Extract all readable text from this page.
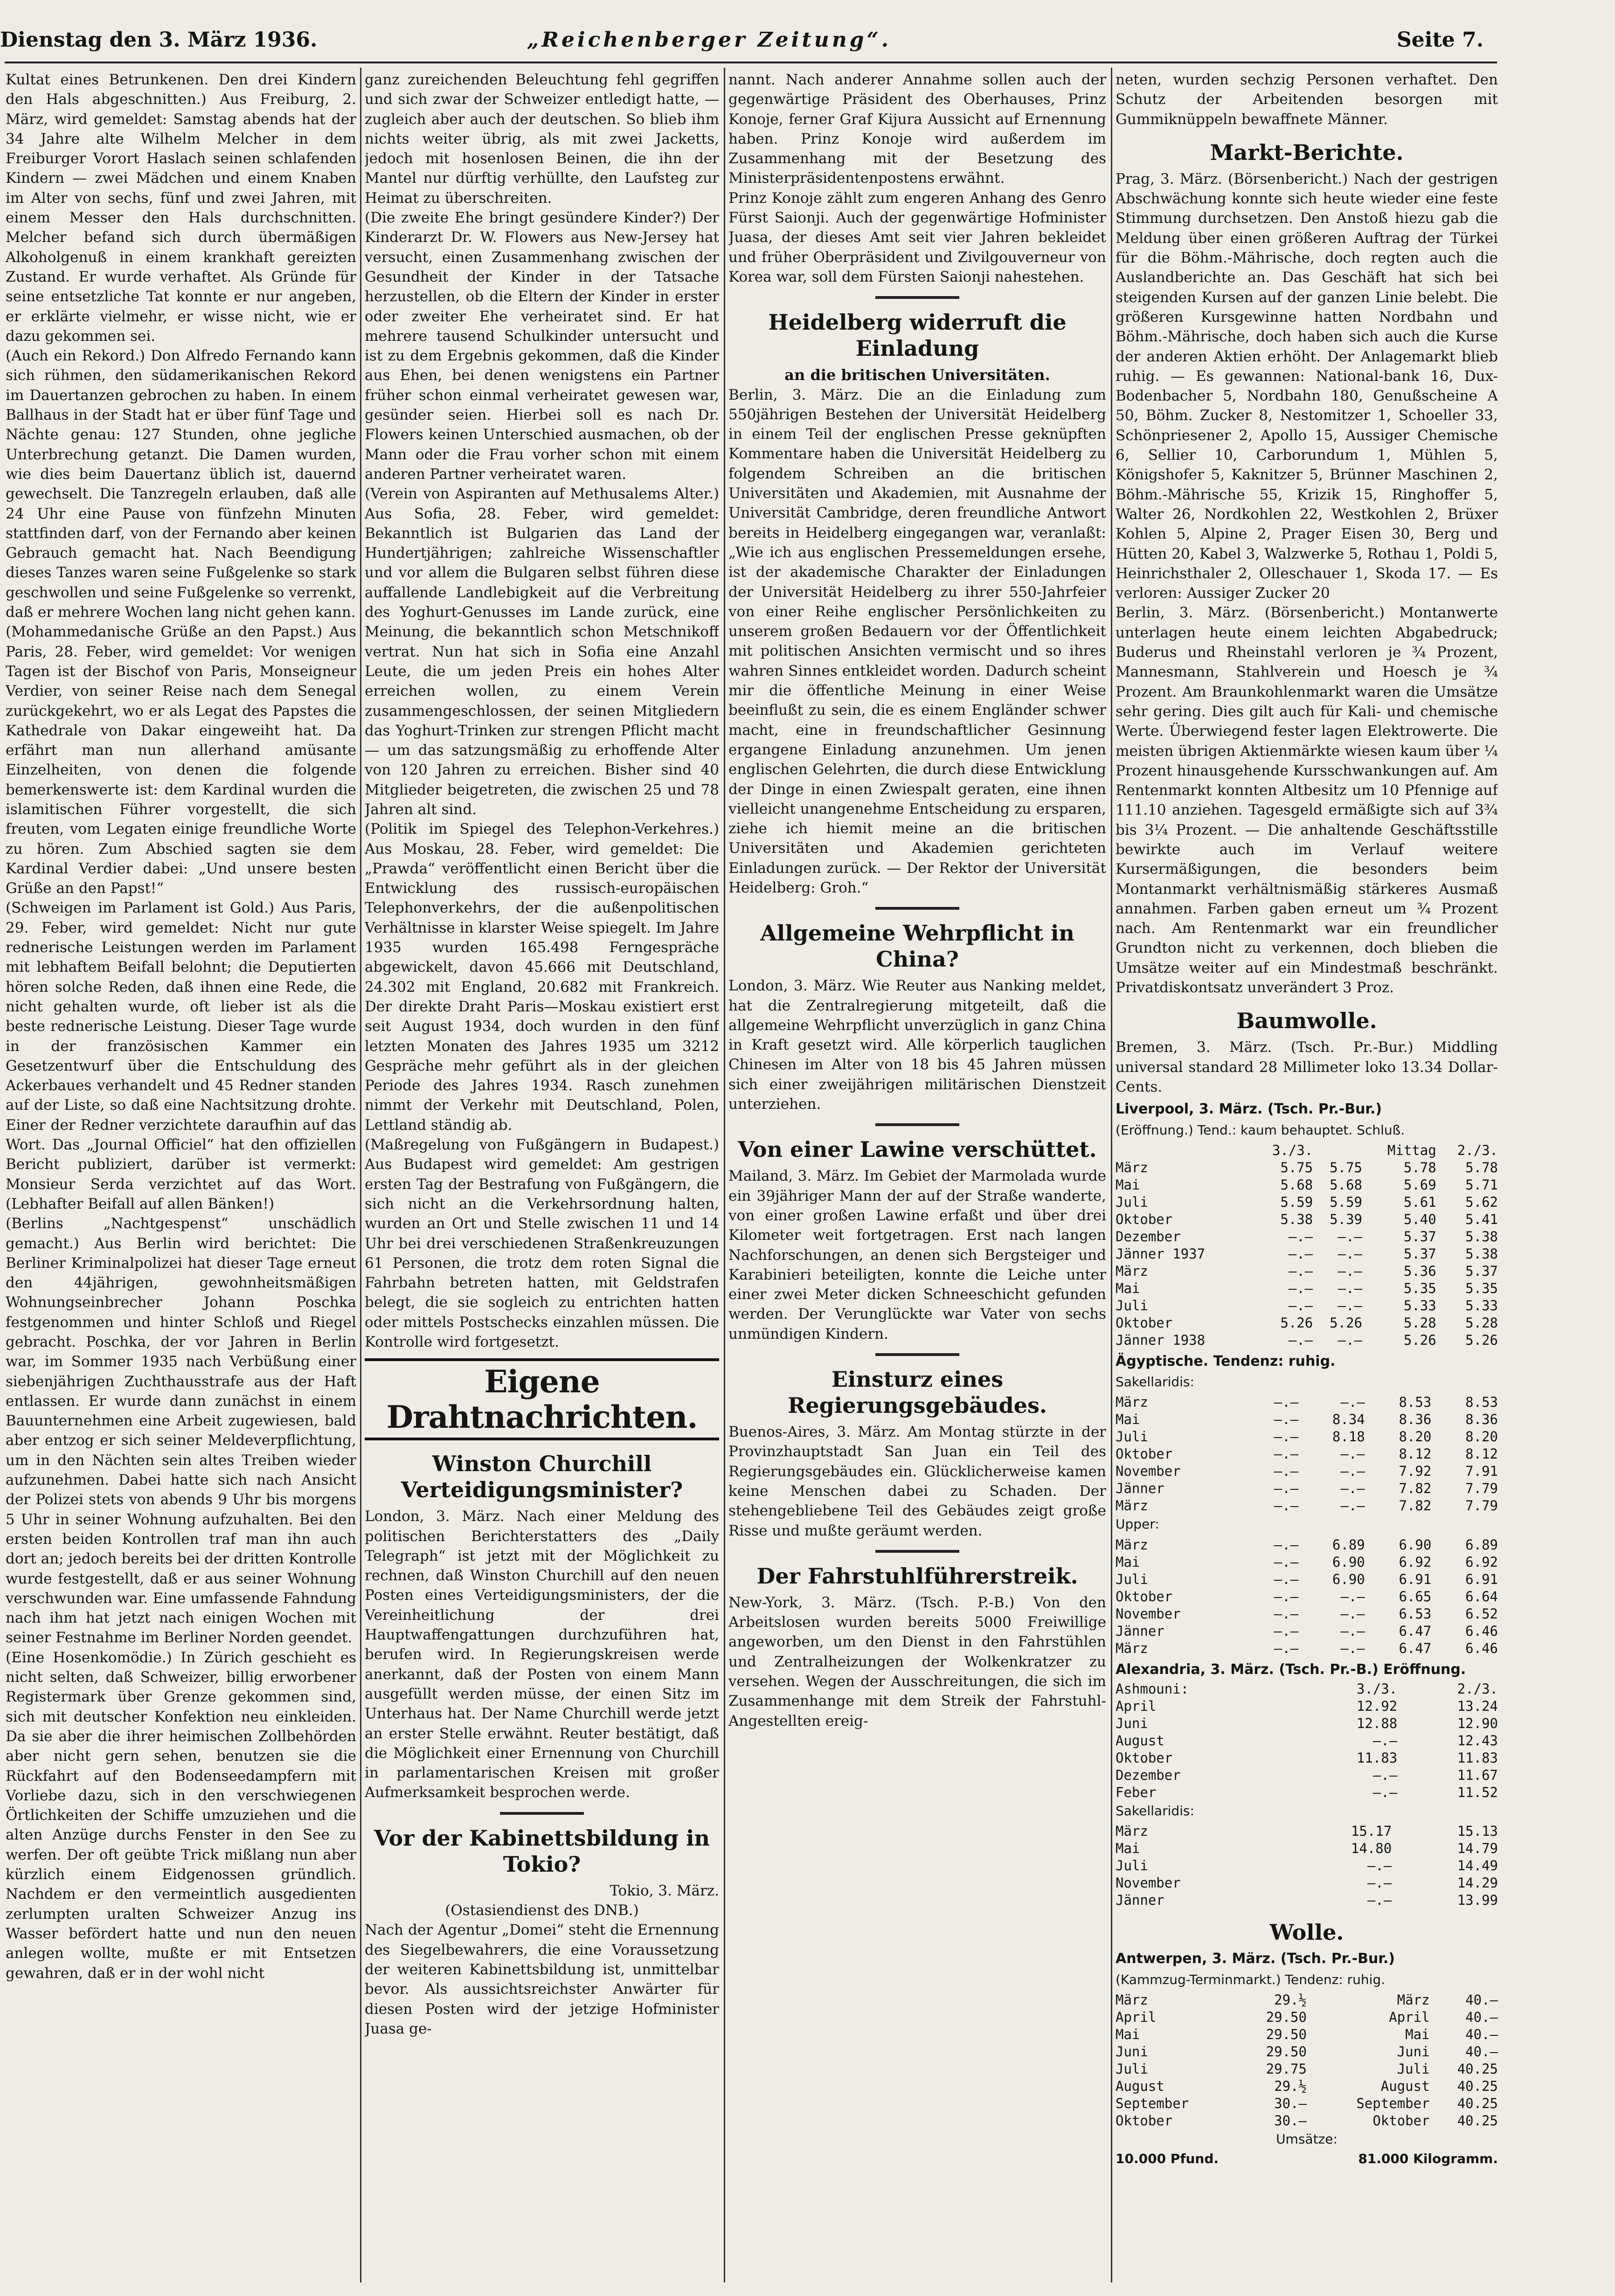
Dienstag den 3. März 1936.	„Reichenberger Zeitung“.	Seite 7.

Kultat eines Betrunkenen. Den drei Kindern den Hals abgeschnitten.) Aus Freiburg, 2. März, wird gemeldet: Samstag abends hat der 34 Jahre alte Wilhelm Melcher in dem Freiburger Vorort Haslach seinen schlafenden Kindern — zwei Mädchen und einem Knaben im Alter von sechs, fünf und zwei Jahren, mit einem Messer den Hals durchschnitten. Melcher befand sich durch übermäßigen Alkoholgenuß in einem krankhaft gereizten Zustand. Er wurde verhaftet. Als Gründe für seine entsetzliche Tat konnte er nur angeben, er erklärte vielmehr, er wisse nicht, wie er dazu gekommen sei.

(Auch ein Rekord.) Don Alfredo Fernando kann sich rühmen, den südamerikanischen Rekord im Dauertanzen gebrochen zu haben. In einem Ballhaus in der Stadt hat er über fünf Tage und Nächte genau: 127 Stunden, ohne jegliche Unterbrechung getanzt. Die Damen wurden, wie dies beim Dauertanz üblich ist, dauernd gewechselt. Die Tanzregeln erlauben, daß alle 24 Uhr eine Pause von fünfzehn Minuten stattfinden darf, von der Fernando aber keinen Gebrauch gemacht hat. Nach Beendigung dieses Tanzes waren seine Fußgelenke so stark geschwollen und seine Fußgelenke so verrenkt, daß er mehrere Wochen lang nicht gehen kann.

(Mohammedanische Grüße an den Papst.) Aus Paris, 28. Feber, wird gemeldet: Vor wenigen Tagen ist der Bischof von Paris, Monseigneur Verdier, von seiner Reise nach dem Senegal zurückgekehrt, wo er als Legat des Papstes die Kathedrale von Dakar eingeweiht hat. Da erfährt man nun allerhand amüsante Einzelheiten, von denen die folgende bemerkenswerte ist: dem Kardinal wurden die islamitischen Führer vorgestellt, die sich freuten, vom Legaten einige freundliche Worte zu hören. Zum Abschied sagten sie dem Kardinal Verdier dabei: „Und unsere besten Grüße an den Papst!“

(Schweigen im Parlament ist Gold.) Aus Paris, 29. Feber, wird gemeldet: Nicht nur gute rednerische Leistungen werden im Parlament mit lebhaftem Beifall belohnt; die Deputierten hören solche Reden, daß ihnen eine Rede, die nicht gehalten wurde, oft lieber ist als die beste rednerische Leistung. Dieser Tage wurde in der französischen Kammer ein Gesetzentwurf über die Entschuldung des Ackerbaues verhandelt und 45 Redner standen auf der Liste, so daß eine Nachtsitzung drohte. Einer der Redner verzichtete daraufhin auf das Wort. Das „Journal Officiel“ hat den offiziellen Bericht publiziert, darüber ist vermerkt: Monsieur Serda verzichtet auf das Wort. (Lebhafter Beifall auf allen Bänken!)

(Berlins „Nachtgespenst“ unschädlich gemacht.) Aus Berlin wird berichtet: Die Berliner Kriminalpolizei hat dieser Tage erneut den 44jährigen, gewohnheitsmäßigen Wohnungseinbrecher Johann Poschka festgenommen und hinter Schloß und Riegel gebracht. Poschka, der vor Jahren in Berlin war, im Sommer 1935 nach Verbüßung einer siebenjährigen Zuchthausstrafe aus der Haft entlassen. Er wurde dann zunächst in einem Bauunternehmen eine Arbeit zugewiesen, bald aber entzog er sich seiner Meldeverpflichtung, um in den Nächten sein altes Treiben wieder aufzunehmen. Dabei hatte sich nach Ansicht der Polizei stets von abends 9 Uhr bis morgens 5 Uhr in seiner Wohnung aufzuhalten. Bei den ersten beiden Kontrollen traf man ihn auch dort an; jedoch bereits bei der dritten Kontrolle wurde festgestellt, daß er aus seiner Wohnung verschwunden war. Eine umfassende Fahndung nach ihm hat jetzt nach einigen Wochen mit seiner Festnahme im Berliner Norden geendet.

(Eine Hosenkomödie.) In Zürich geschieht es nicht selten, daß Schweizer, billig erworbener Registermark über Grenze gekommen sind, sich mit deutscher Konfektion neu einkleiden. Da sie aber die ihrer heimischen Zollbehörden aber nicht gern sehen, benutzen sie die Rückfahrt auf den Bodenseedampfern mit Vorliebe dazu, sich in den verschwiegenen Örtlichkeiten der Schiffe umzuziehen und die alten Anzüge durchs Fenster in den See zu werfen. Der oft geübte Trick mißlang nun aber kürzlich einem Eidgenossen gründlich. Nachdem er den vermeintlich ausgedienten zerlumpten uralten Schweizer Anzug ins Wasser befördert hatte und nun den neuen anlegen wollte, mußte er mit Entsetzen gewahren, daß er in der wohl nicht

ganz zureichenden Beleuchtung fehl gegriffen und sich zwar der Schweizer entledigt hatte, — zugleich aber auch der deutschen. So blieb ihm nichts weiter übrig, als mit zwei Jacketts, jedoch mit hosenlosen Beinen, die ihn der Mantel nur dürftig verhüllte, den Laufsteg zur Heimat zu überschreiten.

(Die zweite Ehe bringt gesündere Kinder?) Der Kinderarzt Dr. W. Flowers aus New-Jersey hat versucht, einen Zusammenhang zwischen der Gesundheit der Kinder in der Tatsache herzustellen, ob die Eltern der Kinder in erster oder zweiter Ehe verheiratet sind. Er hat mehrere tausend Schulkinder untersucht und ist zu dem Ergebnis gekommen, daß die Kinder aus Ehen, bei denen wenigstens ein Partner früher schon einmal verheiratet gewesen war, gesünder seien. Hierbei soll es nach Dr. Flowers keinen Unterschied ausmachen, ob der Mann oder die Frau vorher schon mit einem anderen Partner verheiratet waren.

(Verein von Aspiranten auf Methusalems Alter.) Aus Sofia, 28. Feber, wird gemeldet: Bekanntlich ist Bulgarien das Land der Hundertjährigen; zahlreiche Wissenschaftler und vor allem die Bulgaren selbst führen diese auffallende Landlebigkeit auf die Verbreitung des Yoghurt-Genusses im Lande zurück, eine Meinung, die bekanntlich schon Metschnikoff vertrat. Nun hat sich in Sofia eine Anzahl Leute, die um jeden Preis ein hohes Alter erreichen wollen, zu einem Verein zusammengeschlossen, der seinen Mitgliedern das Yoghurt-Trinken zur strengen Pflicht macht — um das satzungsmäßig zu erhoffende Alter von 120 Jahren zu erreichen. Bisher sind 40 Mitglieder beigetreten, die zwischen 25 und 78 Jahren alt sind.

(Politik im Spiegel des Telephon-Verkehres.) Aus Moskau, 28. Feber, wird gemeldet: Die „Prawda“ veröffentlicht einen Bericht über die Entwicklung des russisch-europäischen Telephonverkehrs, der die außenpolitischen Verhältnisse in klarster Weise spiegelt. Im Jahre 1935 wurden 165.498 Ferngespräche abgewickelt, davon 45.666 mit Deutschland, 24.302 mit England, 20.682 mit Frankreich. Der direkte Draht Paris—Moskau existiert erst seit August 1934, doch wurden in den fünf letzten Monaten des Jahres 1935 um 3212 Gespräche mehr geführt als in der gleichen Periode des Jahres 1934. Rasch zunehmen nimmt der Verkehr mit Deutschland, Polen, Lettland ständig ab.

(Maßregelung von Fußgängern in Budapest.) Aus Budapest wird gemeldet: Am gestrigen ersten Tag der Bestrafung von Fußgängern, die sich nicht an die Verkehrsordnung halten, wurden an Ort und Stelle zwischen 11 und 14 Uhr bei drei verschiedenen Straßenkreuzungen 61 Personen, die trotz dem roten Signal die Fahrbahn betreten hatten, mit Geldstrafen belegt, die sie sogleich zu entrichten hatten oder mittels Postschecks einzahlen müssen. Die Kontrolle wird fortgesetzt.

Eigene Drahtnachrichten.
Winston Churchill Verteidigungsminister?

London, 3. März. Nach einer Meldung des politischen Berichterstatters des „Daily Telegraph“ ist jetzt mit der Möglichkeit zu rechnen, daß Winston Churchill auf den neuen Posten eines Verteidigungsministers, der die Vereinheitlichung der drei Hauptwaffengattungen durchzuführen hat, berufen wird. In Regierungskreisen werde anerkannt, daß der Posten von einem Mann ausgefüllt werden müsse, der einen Sitz im Unterhaus hat. Der Name Churchill werde jetzt an erster Stelle erwähnt. Reuter bestätigt, daß die Möglichkeit einer Ernennung von Churchill in parlamentarischen Kreisen mit großer Aufmerksamkeit besprochen werde.

Vor der Kabinettsbildung in Tokio?

Tokio, 3. März.

(Ostasiendienst des DNB.)

Nach der Agentur „Domei“ steht die Ernennung des Siegelbewahrers, die eine Voraussetzung der weiteren Kabinettsbildung ist, unmittelbar bevor. Als aussichtsreichster Anwärter für diesen Posten wird der jetzige Hofminister Juasa ge-

nannt. Nach anderer Annahme sollen auch der gegenwärtige Präsident des Oberhauses, Prinz Konoje, ferner Graf Kijura Aussicht auf Ernennung haben. Prinz Konoje wird außerdem im Zusammenhang mit der Besetzung des Ministerpräsidentenpostens erwähnt.

Prinz Konoje zählt zum engeren Anhang des Genro Fürst Saionji. Auch der gegenwärtige Hofminister Juasa, der dieses Amt seit vier Jahren bekleidet und früher Oberpräsident und Zivilgouverneur von Korea war, soll dem Fürsten Saionji nahestehen.

Heidelberg widerruft die Einladung

an die britischen Universitäten.

Berlin, 3. März. Die an die Einladung zum 550jährigen Bestehen der Universität Heidelberg in einem Teil der englischen Presse geknüpften Kommentare haben die Universität Heidelberg zu folgendem Schreiben an die britischen Universitäten und Akademien, mit Ausnahme der Universität Cambridge, deren freundliche Antwort bereits in Heidelberg eingegangen war, veranlaßt: „Wie ich aus englischen Pressemeldungen ersehe, ist der akademische Charakter der Einladungen der Universität Heidelberg zu ihrer 550-Jahrfeier von einer Reihe englischer Persönlichkeiten zu unserem großen Bedauern vor der Öffentlichkeit mit politischen Ansichten vermischt und so ihres wahren Sinnes entkleidet worden. Dadurch scheint mir die öffentliche Meinung in einer Weise beeinflußt zu sein, die es einem Engländer schwer macht, eine in freundschaftlicher Gesinnung ergangene Einladung anzunehmen. Um jenen englischen Gelehrten, die durch diese Entwicklung der Dinge in einen Zwiespalt geraten, eine ihnen vielleicht unangenehme Entscheidung zu ersparen, ziehe ich hiemit meine an die britischen Universitäten und Akademien gerichteten Einladungen zurück. — Der Rektor der Universität Heidelberg: Groh.“

Allgemeine Wehrpflicht in China?

London, 3. März. Wie Reuter aus Nanking meldet, hat die Zentralregierung mitgeteilt, daß die allgemeine Wehrpflicht unverzüglich in ganz China in Kraft gesetzt wird. Alle körperlich tauglichen Chinesen im Alter von 18 bis 45 Jahren müssen sich einer zweijährigen militärischen Dienstzeit unterziehen.

Von einer Lawine verschüttet.

Mailand, 3. März. Im Gebiet der Marmolada wurde ein 39jähriger Mann der auf der Straße wanderte, von einer großen Lawine erfaßt und über drei Kilometer weit fortgetragen. Erst nach langen Nachforschungen, an denen sich Bergsteiger und Karabinieri beteiligten, konnte die Leiche unter einer zwei Meter dicken Schneeschicht gefunden werden. Der Verunglückte war Vater von sechs unmündigen Kindern.

Einsturz eines Regierungsgebäudes.

Buenos-Aires, 3. März. Am Montag stürzte in der Provinzhauptstadt San Juan ein Teil des Regierungsgebäudes ein. Glücklicherweise kamen keine Menschen dabei zu Schaden. Der stehengebliebene Teil des Gebäudes zeigt große Risse und mußte geräumt werden.

Der Fahrstuhlführerstreik.

New-York, 3. März. (Tsch. P.-B.) Von den Arbeitslosen wurden bereits 5000 Freiwillige angeworben, um den Dienst in den Fahrstühlen und Zentralheizungen der Wolkenkratzer zu versehen. Wegen der Ausschreitungen, die sich im Zusammenhange mit dem Streik der Fahrstuhl-Angestellten ereig-

neten, wurden sechzig Personen verhaftet. Den Schutz der Arbeitenden besorgen mit Gummiknüppeln bewaffnete Männer.

Markt-Berichte.

Prag, 3. März. (Börsenbericht.) Nach der gestrigen Abschwächung konnte sich heute wieder eine feste Stimmung durchsetzen. Den Anstoß hiezu gab die Meldung über einen größeren Auftrag der Türkei für die Böhm.-Mährische, doch regten auch die Auslandberichte an. Das Geschäft hat sich bei steigenden Kursen auf der ganzen Linie belebt. Die größeren Kursgewinne hatten Nordbahn und Böhm.-Mährische, doch haben sich auch die Kurse der anderen Aktien erhöht. Der Anlagemarkt blieb ruhig. — Es gewannen: National-bank 16, Dux-Bodenbacher 5, Nordbahn 180, Genußscheine A 50, Böhm. Zucker 8, Nestomitzer 1, Schoeller 33, Schönpriesener 2, Apollo 15, Aussiger Chemische 6, Sellier 10, Carborundum 1, Mühlen 5, Königshofer 5, Kaknitzer 5, Brünner Maschinen 2, Böhm.-Mährische 55, Krizik 15, Ringhoffer 5, Walter 26, Nordkohlen 22, Westkohlen 2, Brüxer Kohlen 5, Alpine 2, Prager Eisen 30, Berg und Hütten 20, Kabel 3, Walzwerke 5, Rothau 1, Poldi 5, Heinrichsthaler 2, Olleschauer 1, Skoda 17. — Es verloren: Aussiger Zucker 20

Berlin, 3. März. (Börsenbericht.) Montanwerte unterlagen heute einem leichten Abgabedruck; Buderus und Rheinstahl verloren je ¾ Prozent, Mannesmann, Stahlverein und Hoesch je ¾ Prozent. Am Braunkohlenmarkt waren die Umsätze sehr gering. Dies gilt auch für Kali- und chemische Werte. Überwiegend fester lagen Elektrowerte. Die meisten übrigen Aktienmärkte wiesen kaum über ¼ Prozent hinausgehende Kursschwankungen auf. Am Rentenmarkt konnten Altbesitz um 10 Pfennige auf 111.10 anziehen. Tagesgeld ermäßigte sich auf 3¾ bis 3¼ Prozent. — Die anhaltende Geschäftsstille bewirkte auch im Verlauf weitere Kursermäßigungen, die besonders beim Montanmarkt verhältnismäßig stärkeres Ausmaß annahmen. Farben gaben erneut um ¾ Prozent nach. Am Rentenmarkt war ein freundlicher Grundton nicht zu verkennen, doch blieben die Umsätze weiter auf ein Mindestmaß beschränkt. Privatdiskontsatz unverändert 3 Proz.

Baumwolle.

Bremen, 3. März. (Tsch. Pr.-Bur.) Middling universal standard 28 Millimeter loko 13.34 Dollar-Cents.

Liverpool, 3. März. (Tsch. Pr.-Bur.)
(Eröffnung.) Tend.: kaum behauptet. Schluß.
	3./3.		Mittag	2./3.
März	5.75	5.75	5.78	5.78
Mai	5.68	5.68	5.69	5.71
Juli	5.59	5.59	5.61	5.62
Oktober	5.38	5.39	5.40	5.41
Dezember	—.—	—.—	5.37	5.38
Jänner 1937	—.—	—.—	5.37	5.38
März	—.—	—.—	5.36	5.37
Mai	—.—	—.—	5.35	5.35
Juli	—.—	—.—	5.33	5.33
Oktober	5.26	5.26	5.28	5.28
Jänner 1938	—.—	—.—	5.26	5.26
Ägyptische. Tendenz: ruhig.
Sakellaridis:
März	—.—	—.—	8.53	8.53
Mai	—.—	8.34	8.36	8.36
Juli	—.—	8.18	8.20	8.20
Oktober	—.—	—.—	8.12	8.12
November	—.—	—.—	7.92	7.91
Jänner	—.—	—.—	7.82	7.79
März	—.—	—.—	7.82	7.79
Upper:
März	—.—	6.89	6.90	6.89
Mai	—.—	6.90	6.92	6.92
Juli	—.—	6.90	6.91	6.91
Oktober	—.—	—.—	6.65	6.64
November	—.—	—.—	6.53	6.52
Jänner	—.—	—.—	6.47	6.46
März	—.—	—.—	6.47	6.46
Alexandria, 3. März. (Tsch. Pr.-B.) Eröffnung.
Ashmouni:	3./3.	2./3.
April	12.92	13.24
Juni	12.88	12.90
August	—.—	12.43
Oktober	11.83	11.83
Dezember	—.—	11.67
Feber	—.—	11.52
Sakellaridis:
März	15.17	15.13
Mai	14.80	14.79
Juli	—.—	14.49
November	—.—	14.29
Jänner	—.—	13.99
Wolle.
Antwerpen, 3. März. (Tsch. Pr.-Bur.)
(Kammzug-Terminmarkt.) Tendenz: ruhig.
März	29.½	März	40.—
April	29.50	April	40.—
Mai	29.50	Mai	40.—
Juni	29.50	Juni	40.—
Juli	29.75	Juli	40.25
August	29.½	August	40.25
September	30.—	September	40.25
Oktober	30.—	Oktober	40.25
Umsätze:
10.000 Pfund.	81.000 Kilogramm.
